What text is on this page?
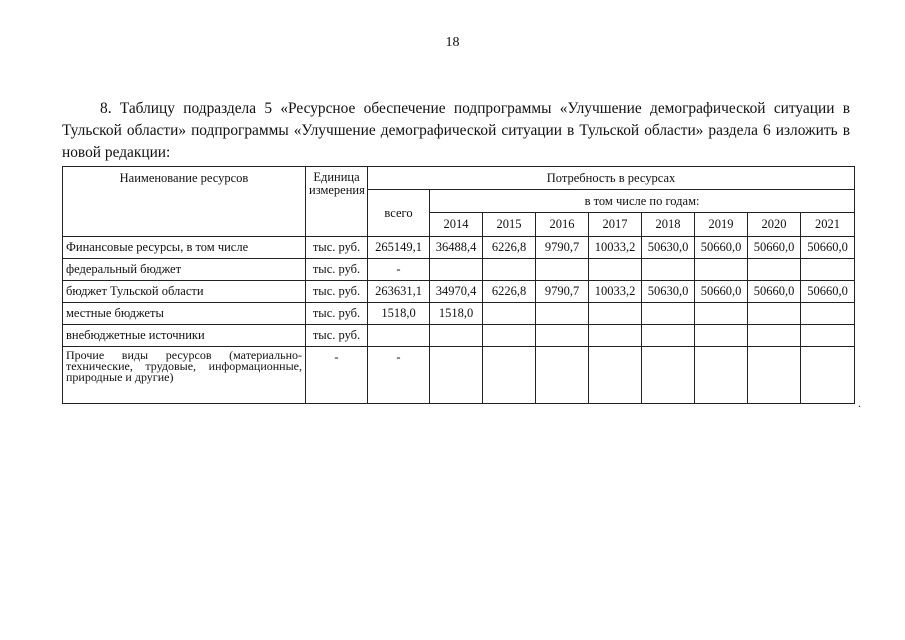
18

8. Таблицу подраздела 5 «Ресурсное обеспечение подпрограммы «Улучшение демографической ситуации в Тульской области» подпрограммы «Улучшение демографической ситуации в Тульской области» раздела 6 изложить в новой редакции:

Наименование ресурсов	Единица измерения	Потребность в ресурсах								
		всего	в том числе по годам:							
			2014	2015	2016	2017	2018	2019	2020	2021
Финансовые ресурсы, в том числе	тыс. руб.	265149,1	36488,4	6226,8	9790,7	10033,2	50630,0	50660,0	50660,0	50660,0
федеральный бюджет	тыс. руб.	-								
бюджет Тульской области	тыс. руб.	263631,1	34970,4	6226,8	9790,7	10033,2	50630,0	50660,0	50660,0	50660,0
местные бюджеты	тыс. руб.	1518,0	1518,0							
внебюджетные источники	тыс. руб.									
Прочие виды ресурсов (материально-технические, трудовые, информационные, природные и другие)	-	-								
.
